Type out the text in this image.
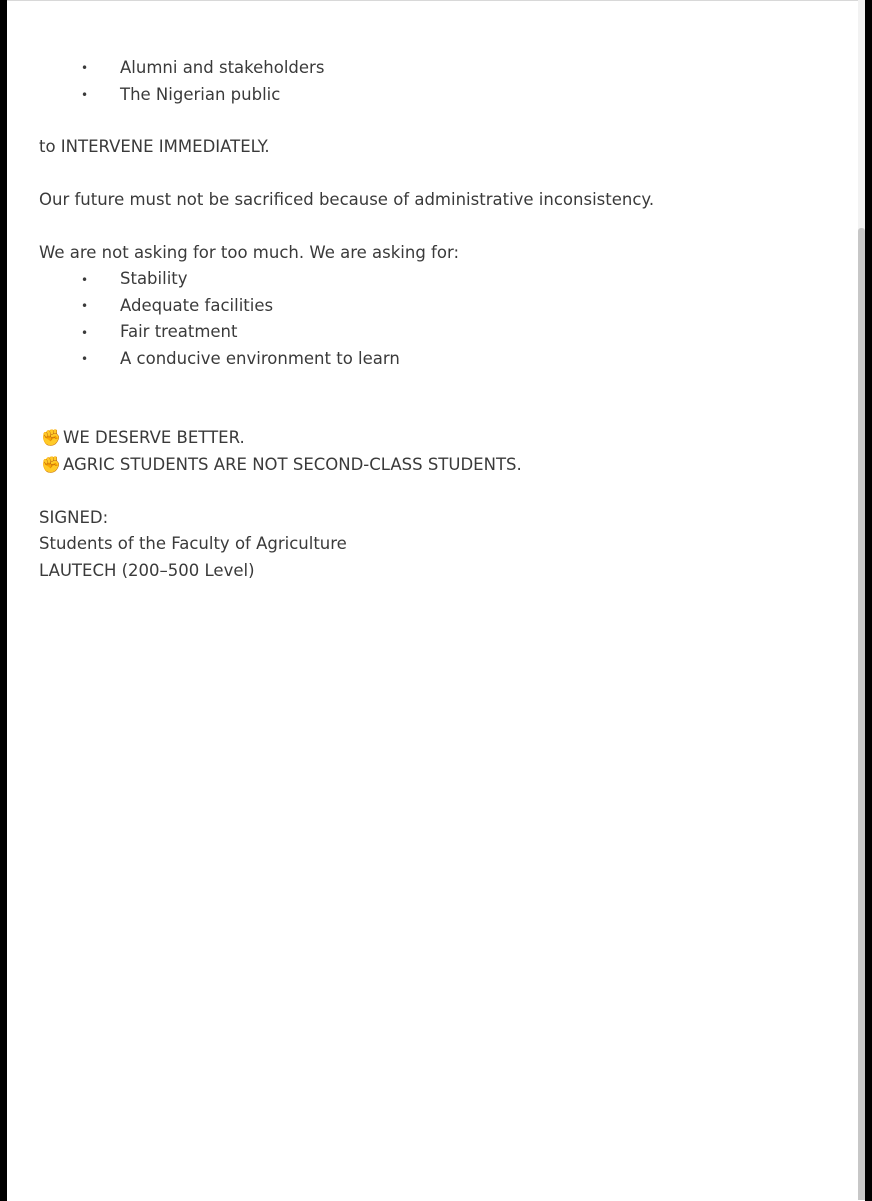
• Alumni and stakeholders
• The Nigerian public
to INTERVENE IMMEDIATELY.
Our future must not be sacrificed because of administrative inconsistency.
We are not asking for too much. We are asking for:
• Stability
• Adequate facilities
• Fair treatment
• A conducive environment to learn
✊ WE DESERVE BETTER.
✊ AGRIC STUDENTS ARE NOT SECOND-CLASS STUDENTS.
SIGNED:
Students of the Faculty of Agriculture
LAUTECH (200–500 Level)
